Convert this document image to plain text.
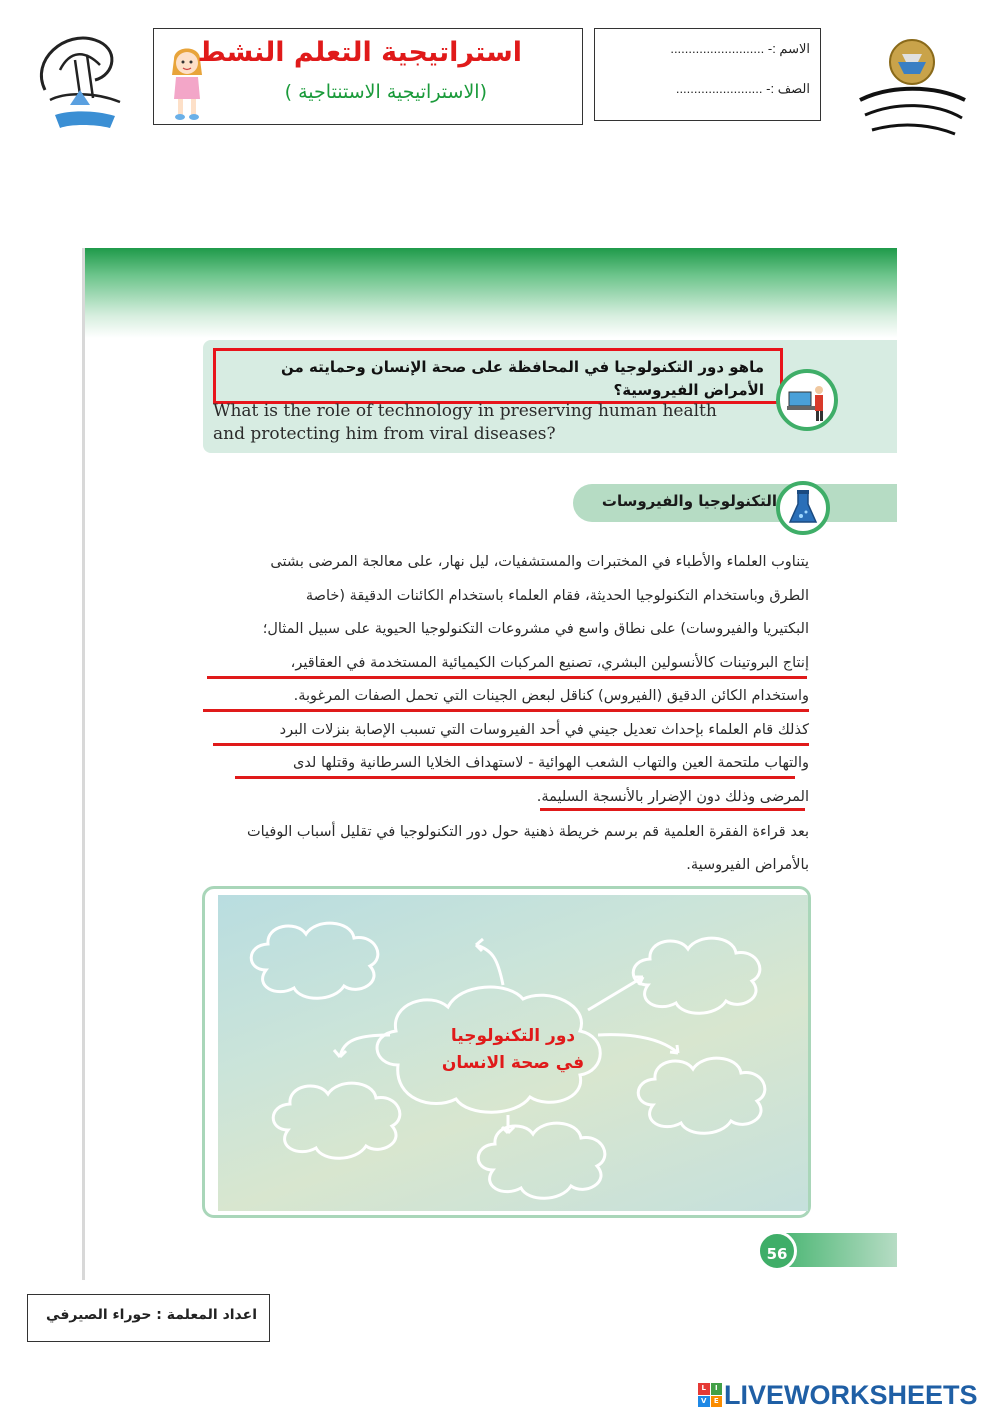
استراتيجية التعلم النشط
(الاستراتيجية الاستنتاجية )
الاسم :- ..........................
الصف :- ........................
ماهو دور التكنولوجيا في المحافظة على صحة الإنسان وحمايته من الأمراض الفيروسية؟
What is the role of technology in preserving human health and protecting him from viral diseases?
التكنولوجيا والفيروسات
يتناوب العلماء والأطباء في المختبرات والمستشفيات، ليل نهار، على معالجة المرضى بشتى
الطرق وباستخدام التكنولوجيا الحديثة، فقام العلماء باستخدام الكائنات الدقيقة (خاصة
البكتيريا والفيروسات) على نطاق واسع في مشروعات التكنولوجيا الحيوية على سبيل المثال؛
إنتاج البروتينات كالأنسولين البشري، تصنيع المركبات الكيميائية المستخدمة في العقاقير،
واستخدام الكائن الدقيق (الفيروس) كناقل لبعض الجينات التي تحمل الصفات المرغوبة.
كذلك قام العلماء بإحداث تعديل جيني في أحد الفيروسات التي تسبب الإصابة بنزلات البرد
والتهاب ملتحمة العين والتهاب الشعب الهوائية - لاستهداف الخلايا السرطانية وقتلها لدى
المرضى وذلك دون الإضرار بالأنسجة السليمة.
بعد قراءة الفقرة العلمية قم برسم خريطة ذهنية حول دور التكنولوجيا في تقليل أسباب الوفيات
بالأمراض الفيروسية.
دور التكنولوجيا
في صحة الانسان
56
اعداد المعلمة : حوراء الصيرفي
L	I
V	E LIVEWORKSHEETS
